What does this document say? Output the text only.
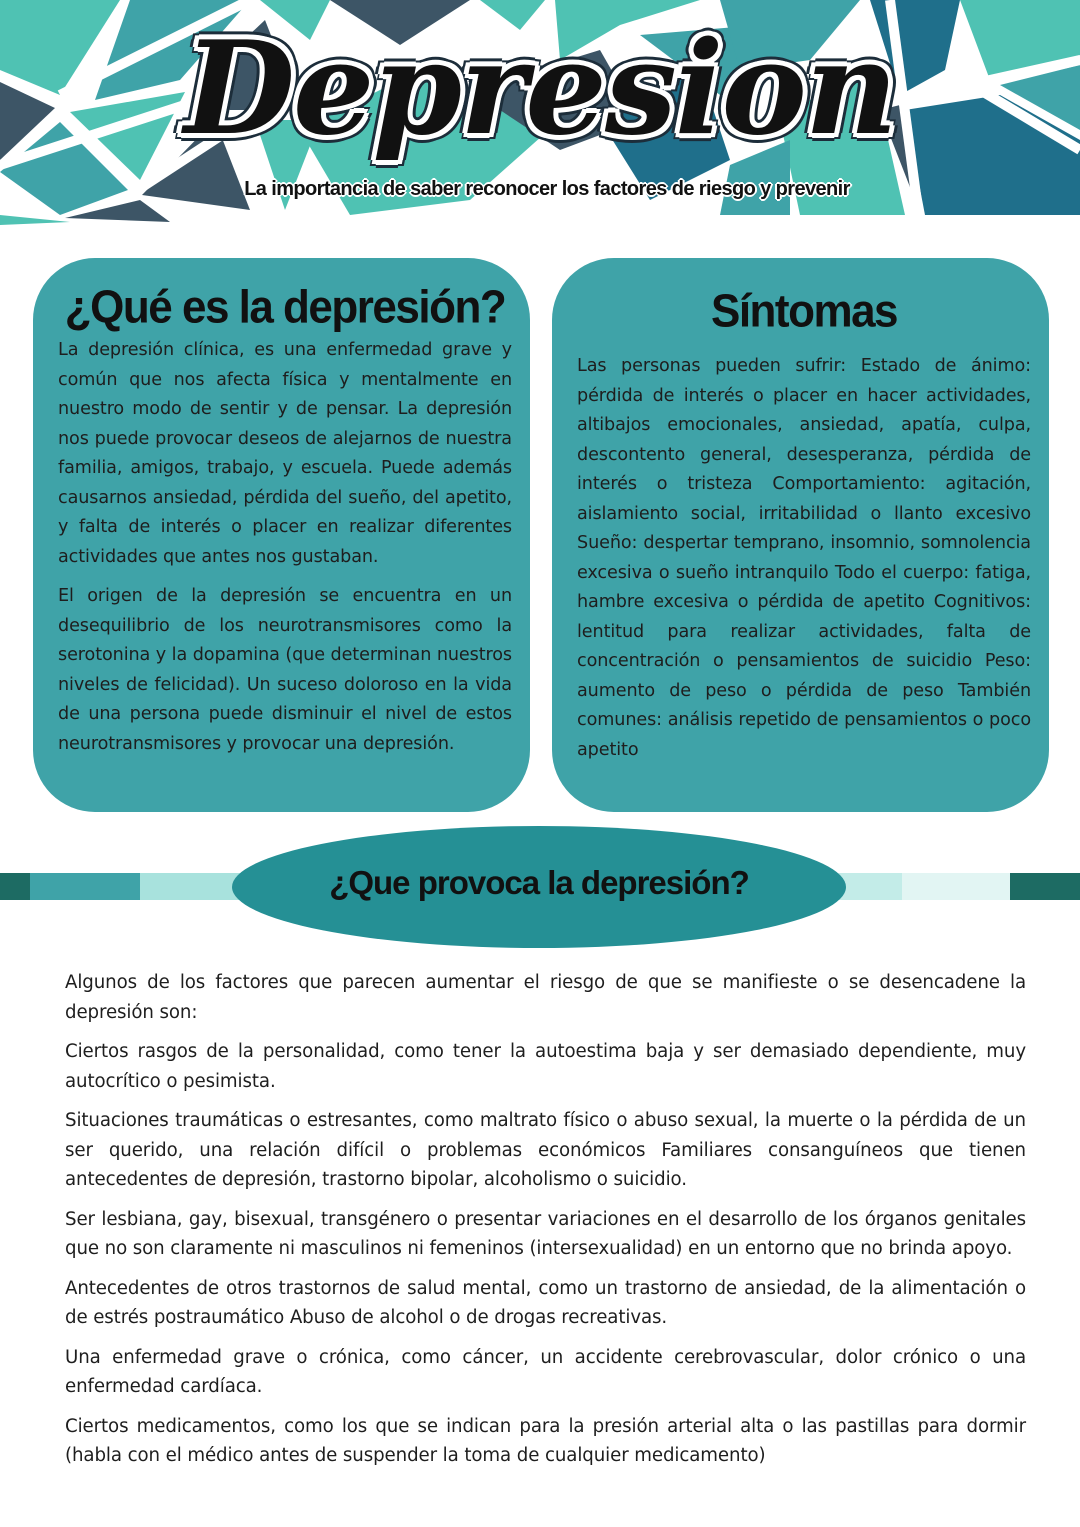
Depresion
La importancia de saber reconocer los factores de riesgo y prevenir
¿Qué es la depresión?

La depresión clínica, es una enfermedad grave y común que nos afecta física y mentalmente en nuestro modo de sentir y de pensar. La depresión nos puede provocar deseos de alejarnos de nuestra familia, amigos, trabajo, y escuela. Puede además causarnos ansiedad, pérdida del sueño, del apetito, y falta de interés o placer en realizar diferentes actividades que antes nos gustaban.

El origen de la depresión se encuentra en un desequilibrio de los neurotransmisores como la serotonina y la dopamina (que determinan nuestros niveles de felicidad). Un suceso doloroso en la vida de una persona puede disminuir el nivel de estos neurotransmisores y provocar una depresión.

Síntomas

Las personas pueden sufrir: Estado de ánimo: pérdida de interés o placer en hacer actividades, altibajos emocionales, ansiedad, apatía, culpa, descontento general, desesperanza, pérdida de interés o tristeza Comportamiento: agitación, aislamiento social, irritabilidad o llanto excesivo Sueño: despertar temprano, insomnio, somnolencia excesiva o sueño intranquilo Todo el cuerpo: fatiga, hambre excesiva o pérdida de apetito Cognitivos: lentitud para realizar actividades, falta de concentración o pensamientos de suicidio Peso: aumento de peso o pérdida de peso También comunes: análisis repetido de pensamientos o poco apetito

¿Que provoca la depresión?

Algunos de los factores que parecen aumentar el riesgo de que se manifieste o se desencadene la depresión son:

Ciertos rasgos de la personalidad, como tener la autoestima baja y ser demasiado dependiente, muy autocrítico o pesimista.

Situaciones traumáticas o estresantes, como maltrato físico o abuso sexual, la muerte o la pérdida de un ser querido, una relación difícil o problemas económicos Familiares consanguíneos que tienen antecedentes de depresión, trastorno bipolar, alcoholismo o suicidio.

Ser lesbiana, gay, bisexual, transgénero o presentar variaciones en el desarrollo de los órganos genitales que no son claramente ni masculinos ni femeninos (intersexualidad) en un entorno que no brinda apoyo.

Antecedentes de otros trastornos de salud mental, como un trastorno de ansiedad, de la alimentación o de estrés postraumático Abuso de alcohol o de drogas recreativas.

Una enfermedad grave o crónica, como cáncer, un accidente cerebrovascular, dolor crónico o una enfermedad cardíaca.

Ciertos medicamentos, como los que se indican para la presión arterial alta o las pastillas para dormir (habla con el médico antes de suspender la toma de cualquier medicamento)
